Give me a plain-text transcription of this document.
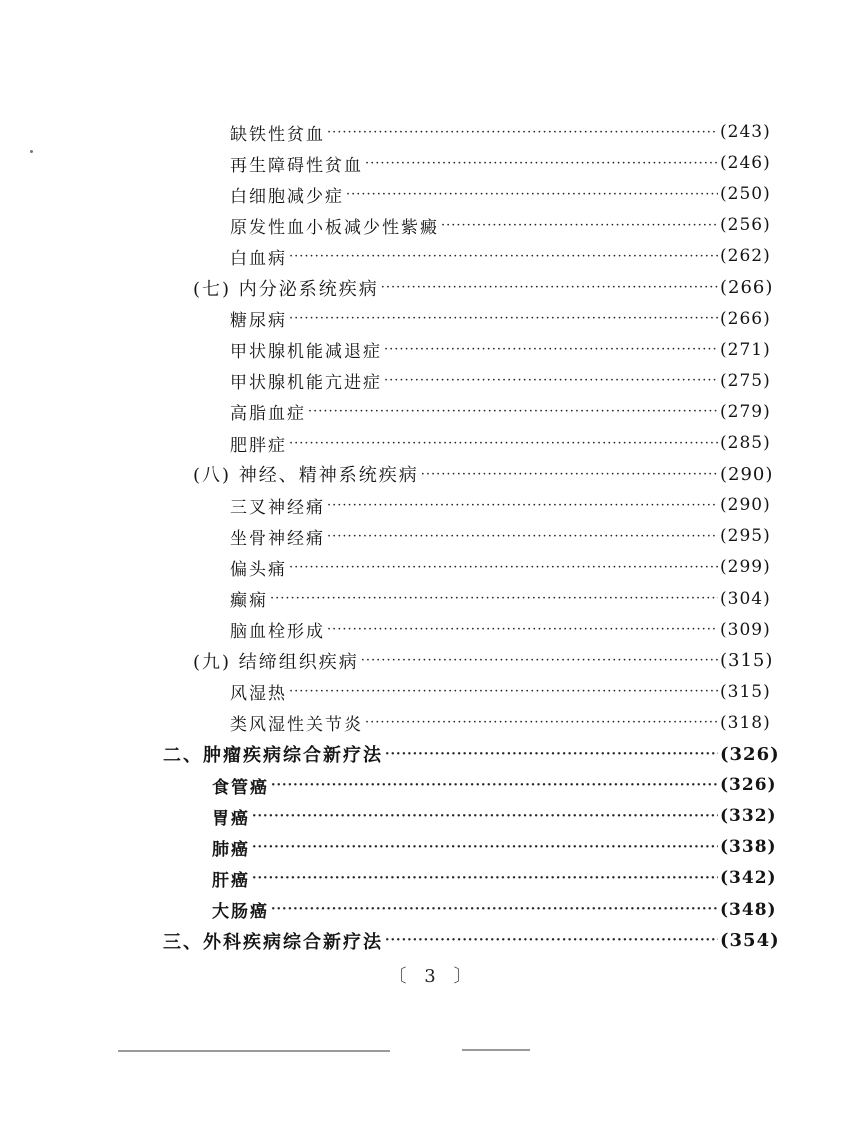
缺铁性贫血 ·····	(243)
再生障碍性贫血 ·····	(246)
白细胞减少症 ·····	(250)
原发性血小板减少性紫癜 ·····	(256)
白血病 ·····	(262)
(七) 内分泌系统疾病 ·····	(266)
糖尿病 ·····	(266)
甲状腺机能减退症 ·····	(271)
甲状腺机能亢进症 ·····	(275)
高脂血症 ·····	(279)
肥胖症 ·····	(285)
(八) 神经、精神系统疾病 ·····	(290)
三叉神经痛 ·····	(290)
坐骨神经痛 ·····	(295)
偏头痛 ·····	(299)
癫痫 ·····	(304)
脑血栓形成 ·····	(309)
(九) 结缔组织疾病 ·····	(315)
风湿热 ·····	(315)
类风湿性关节炎 ·····	(318)
二、肿瘤疾病综合新疗法 ·····	(326)
食管癌 ·····	(326)
胃癌 ·····	(332)
肺癌 ·····	(338)
肝癌 ·····	(342)
大肠癌 ·····	(348)
三、外科疾病综合新疗法 ·····	(354)
〔 3 〕
